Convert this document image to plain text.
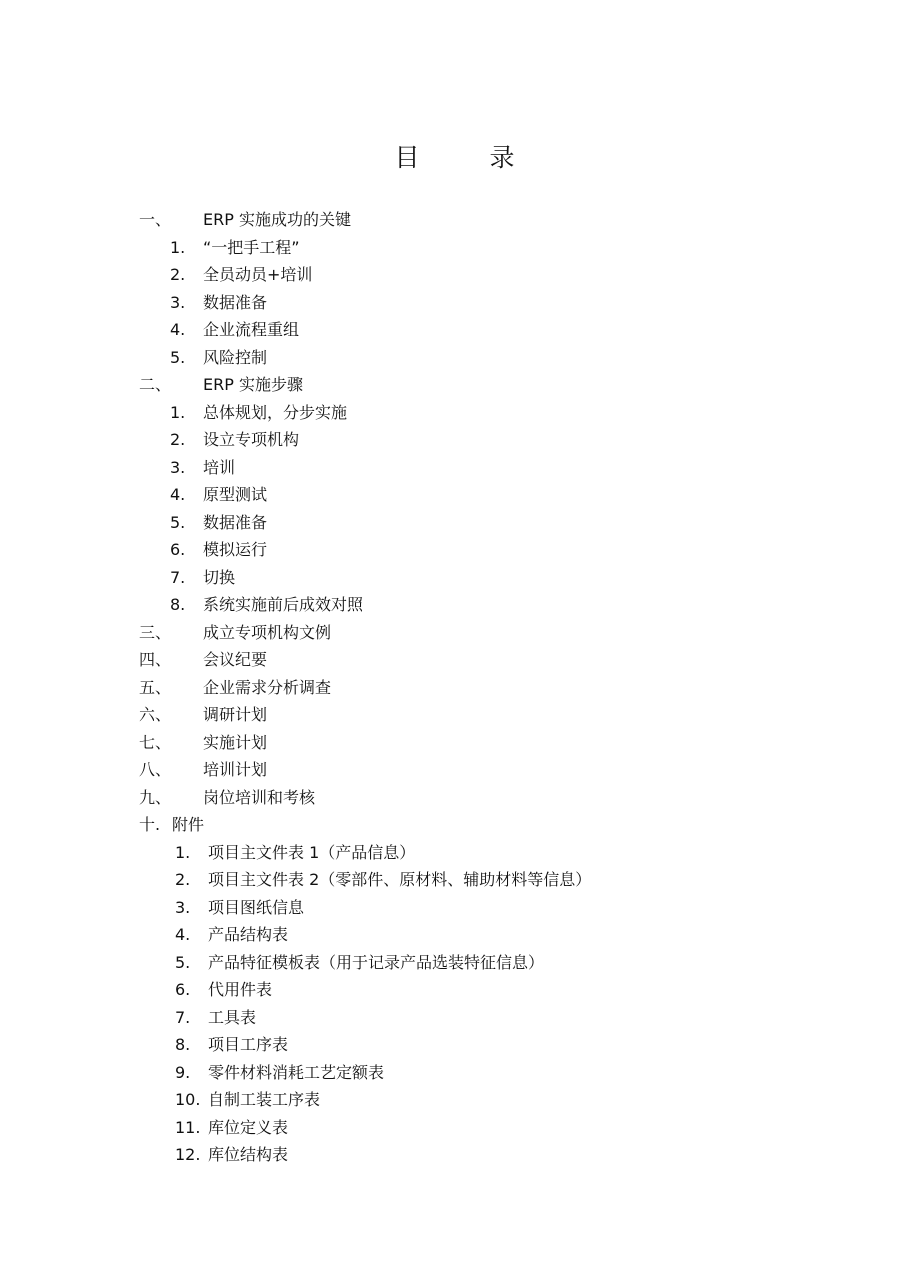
目	录
一、 ERP 实施成功的关键
1. “一把手工程”
2. 全员动员+培训
3. 数据准备
4. 企业流程重组
5. 风险控制
二、 ERP 实施步骤
1. 总体规划，分步实施
2. 设立专项机构
3. 培训
4. 原型测试
5. 数据准备
6. 模拟运行
7. 切换
8. 系统实施前后成效对照
三、 成立专项机构文例
四、 会议纪要
五、 企业需求分析调查
六、 调研计划
七、 实施计划
八、 培训计划
九、 岗位培训和考核
十. 附件
1. 项目主文件表 1（产品信息）
2. 项目主文件表 2（零部件、原材料、辅助材料等信息）
3. 项目图纸信息
4. 产品结构表
5. 产品特征模板表（用于记录产品选装特征信息）
6. 代用件表
7. 工具表
8. 项目工序表
9. 零件材料消耗工艺定额表
10. 自制工装工序表
11. 库位定义表
12. 库位结构表
